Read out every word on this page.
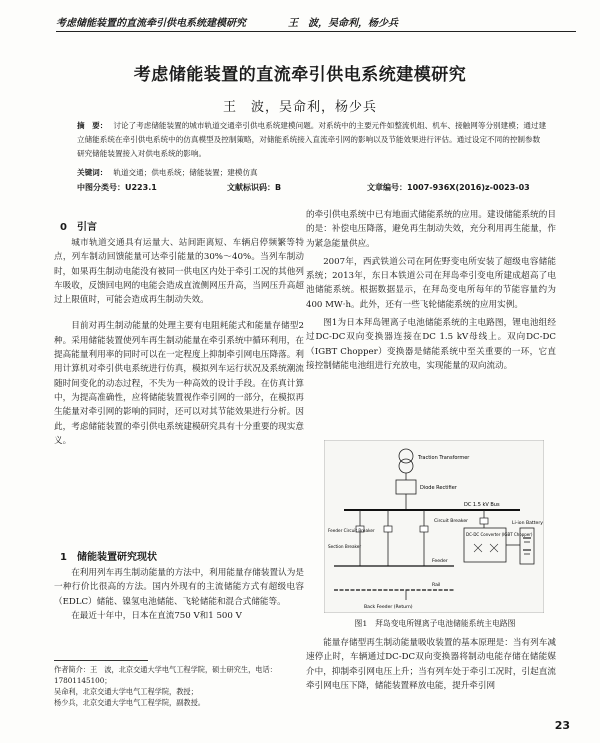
考虑储能装置的直流牵引供电系统建模研究	王　波，吴命利，杨少兵
考虑储能装置的直流牵引供电系统建模研究
王　波，吴命利，杨少兵
摘　要： 讨论了考虑储能装置的城市轨道交通牵引供电系统建模问题。对系统中的主要元件如整流机组、机车、接触网等分别建模；通过建立储能系统在牵引供电系统中的仿真模型及控制策略，对储能系统接入直流牵引网的影响以及节能效果进行评估。通过设定不同的控制参数研究储能装置接入对供电系统的影响。
关键词： 轨道交通；供电系统；储能装置；建模仿真
中图分类号：U223.1	文献标识码：B	文章编号：1007-936X(2016)z-0023-03
0　引言

城市轨道交通具有运量大、站间距离短、车辆启停频繁等特点，列车制动回馈能量可达牵引能量的30%～40%。当列车制动时，如果再生制动电能没有被同一供电区内处于牵引工况的其他列车吸收，反馈回电网的电能会造成直流侧网压升高，当网压升高超过上限值时，可能会造成再生制动失效。

目前对再生制动能量的处理主要有电阻耗能式和能量存储型2种。采用储能装置使列车再生制动能量在牵引系统中循环利用，在提高能量利用率的同时可以在一定程度上抑制牵引网电压降落。利用计算机对牵引供电系统进行仿真，模拟列车运行状况及系统潮流随时间变化的动态过程，不失为一种高效的设计手段。在仿真计算中，为提高准确性，应将储能装置视作牵引网的一部分，在模拟再生能量对牵引网的影响的同时，还可以对其节能效果进行分析。因此，考虑储能装置的牵引供电系统建模研究具有十分重要的现实意义。

1　储能装置研究现状

在利用列车再生制动能量的方法中，利用能量存储装置认为是一种行价比很高的方法。国内外现有的主流储能方式有超级电容（EDLC）储能、镍氢电池储能、飞轮储能和混合式储能等。

在最近十年中，日本在直流750 V和1 500 V

的牵引供电系统中已有地面式储能系统的应用。建设储能系统的目的是：补偿电压降落，避免再生制动失效，充分利用再生能量，作为紧急能量供应。

2007年，西武铁道公司在阿佐野变电所安装了超级电容储能系统；2013年，东日本铁道公司在拜岛牵引变电所建成超高了电池储能系统。根据数据显示，在拜岛变电所每年的节能容量约为400 MW·h。此外，还有一些飞轮储能系统的应用实例。

图1为日本拜岛锂离子电池储能系统的主电路图，锂电池组经过DC-DC双向变换器连接在DC 1.5 kV母线上。双向DC-DC（IGBT Chopper）变换器是储能系统中至关重要的一环，它直接控制储能电池组进行充放电，实现能量的双向流动。

Traction Transformer
Diode Rectifier
DC 1.5 kV Bus
Circuit Breaker
DC-DC Converter (IGBT Chopper)
Li-ion Battery
Feeder Circuit Breaker
Section Breaker
Feeder
Rail
Back Feeder (Return)
图1　拜岛变电所锂离子电池储能系统主电路图

能量存储型再生制动能量吸收装置的基本原理是：当有列车减速停止时，车辆通过DC-DC双向变换器将制动电能存储在储能媒介中，抑制牵引网电压上升；当有列车处于牵引工况时，引起直流牵引网电压下降，储能装置释放电能，提升牵引网

作者简介：王　波，北京交通大学电气工程学院，硕士研究生，电话：17801145100；
吴命利，北京交通大学电气工程学院，教授；
杨少兵，北京交通大学电气工程学院，副教授。
23
